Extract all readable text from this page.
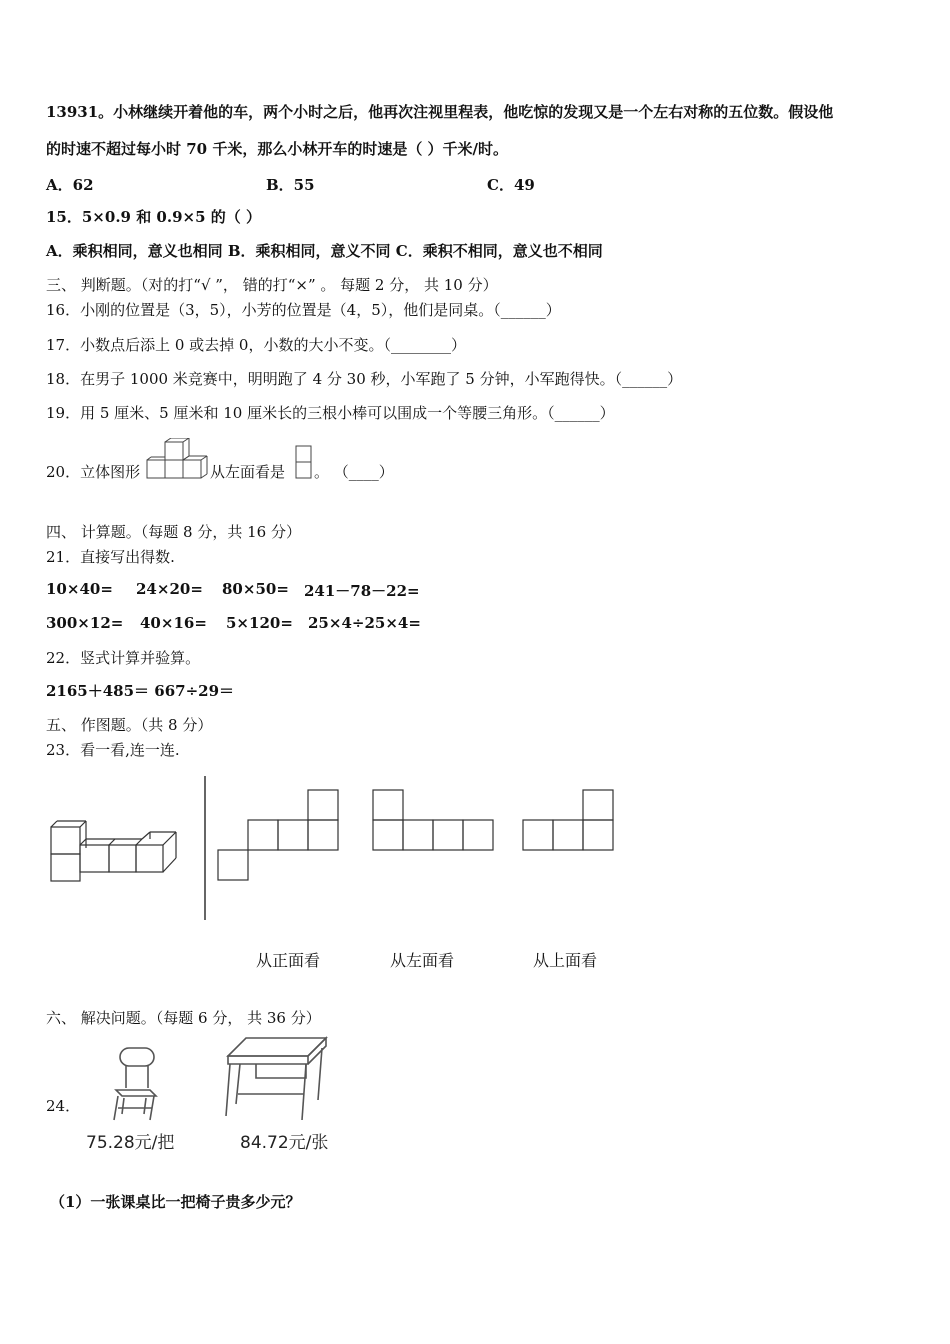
13931。小林继续开着他的车，两个小时之后，他再次注视里程表，他吃惊的发现又是一个左右对称的五位数。假设他
的时速不超过每小时 70 千米，那么小林开车的时速是（ ）千米/时。
A．62	B．55	C．49
15．5×0.9 和 0.9×5 的（ ）
A．乘积相同，意义也相同 B．乘积相同，意义不同 C．乘积不相同，意义也不相同
三、 判断题。（对的打“√ ”， 错的打“×” 。 每题 2 分， 共 10 分）
16．小刚的位置是（3，5），小芳的位置是（4，5），他们是同桌。（______）
17．小数点后添上 0 或去掉 0，小数的大小不变。（________）
18．在男子 1000 米竞赛中，明明跑了 4 分 30 秒，小军跑了 5 分钟，小军跑得快。（______）
19．用 5 厘米、5 厘米和 10 厘米长的三根小棒可以围成一个等腰三角形。（______）
20．立体图形	从左面看是 。 （____）
四、 计算题。（每题 8 分，共 16 分）
21．直接写出得数.
10×40= 24×20= 80×50= 241－78－22=
300×12= 40×16= 5×120= 25×4÷25×4=
22．竖式计算并验算。
2165＋485＝ 667÷29＝
五、 作图题。（共 8 分）
23．看一看,连一连.
从正面看	从左面看	从上面看
六、 解决问题。（每题 6 分， 共 36 分）
24．
75.28元/把	84.72元/张
（1）一张课桌比一把椅子贵多少元？
